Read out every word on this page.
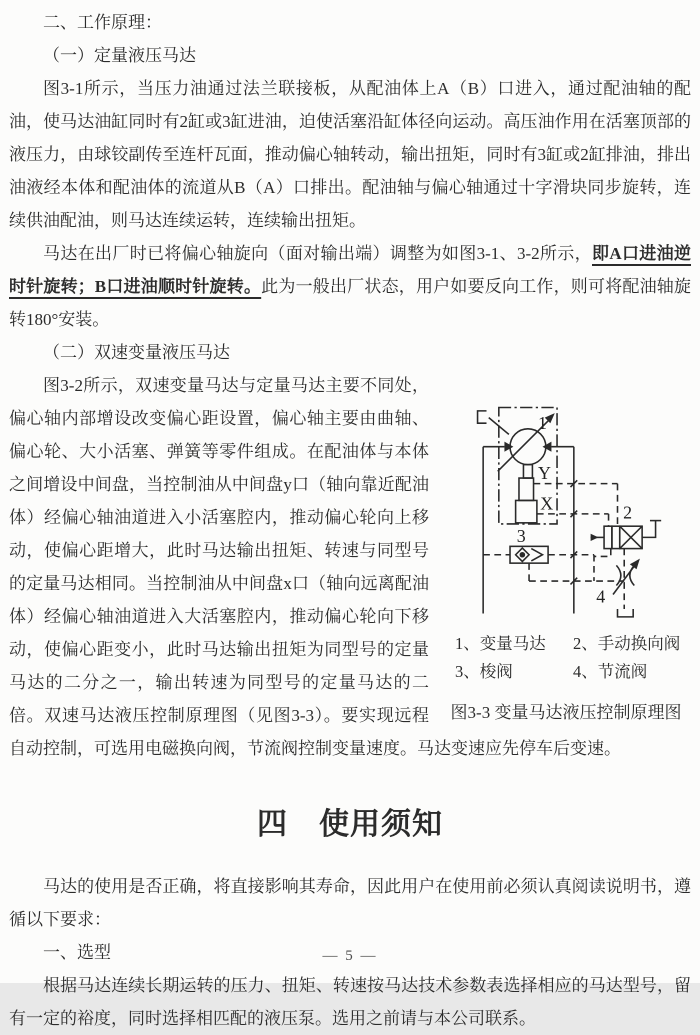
二、工作原理：

（一）定量液压马达

图3-1所示，当压力油通过法兰联接板，从配油体上A（B）口进入，通过配油轴的配油，使马达油缸同时有2缸或3缸进油，迫使活塞沿缸体径向运动。高压油作用在活塞顶部的液压力，由球铰副传至连杆瓦面，推动偏心轴转动，输出扭矩，同时有3缸或2缸排油，排出油液经本体和配油体的流道从B（A）口排出。配油轴与偏心轴通过十字滑块同步旋转，连续供油配油，则马达连续运转，连续输出扭矩。

马达在出厂时已将偏心轴旋向（面对输出端）调整为如图3-1、3-2所示，即A口进油逆时针旋转；B口进油顺时针旋转。此为一般出厂状态，用户如要反向工作，则可将配油轴旋转180°安装。

（二）双速变量液压马达

1
2
3
4
Y
X
1、变量马达	2、手动换向阀
3、梭阀	4、节流阀
图3-3 变量马达液压控制原理图

图3-2所示，双速变量马达与定量马达主要不同处，偏心轴内部增设改变偏心距设置，偏心轴主要由曲轴、偏心轮、大小活塞、弹簧等零件组成。在配油体与本体之间增设中间盘，当控制油从中间盘y口（轴向靠近配油体）经偏心轴油道进入小活塞腔内，推动偏心轮向上移动，使偏心距增大，此时马达输出扭矩、转速与同型号的定量马达相同。当控制油从中间盘x口（轴向远离配油体）经偏心轴油道进入大活塞腔内，推动偏心轮向下移动，使偏心距变小，此时马达输出扭矩为同型号的定量马达的二分之一，输出转速为同型号的定量马达的二倍。双速马达液压控制原理图（见图3-3）。要实现远程自动控制，可选用电磁换向阀，节流阀控制变量速度。马达变速应先停车后变速。

四　使用须知

马达的使用是否正确，将直接影响其寿命，因此用户在使用前必须认真阅读说明书，遵循以下要求：

一、选型

根据马达连续长期运转的压力、扭矩、转速按马达技术参数表选择相应的马达型号，留有一定的裕度，同时选择相匹配的液压泵。选用之前请与本公司联系。

— 5 —
